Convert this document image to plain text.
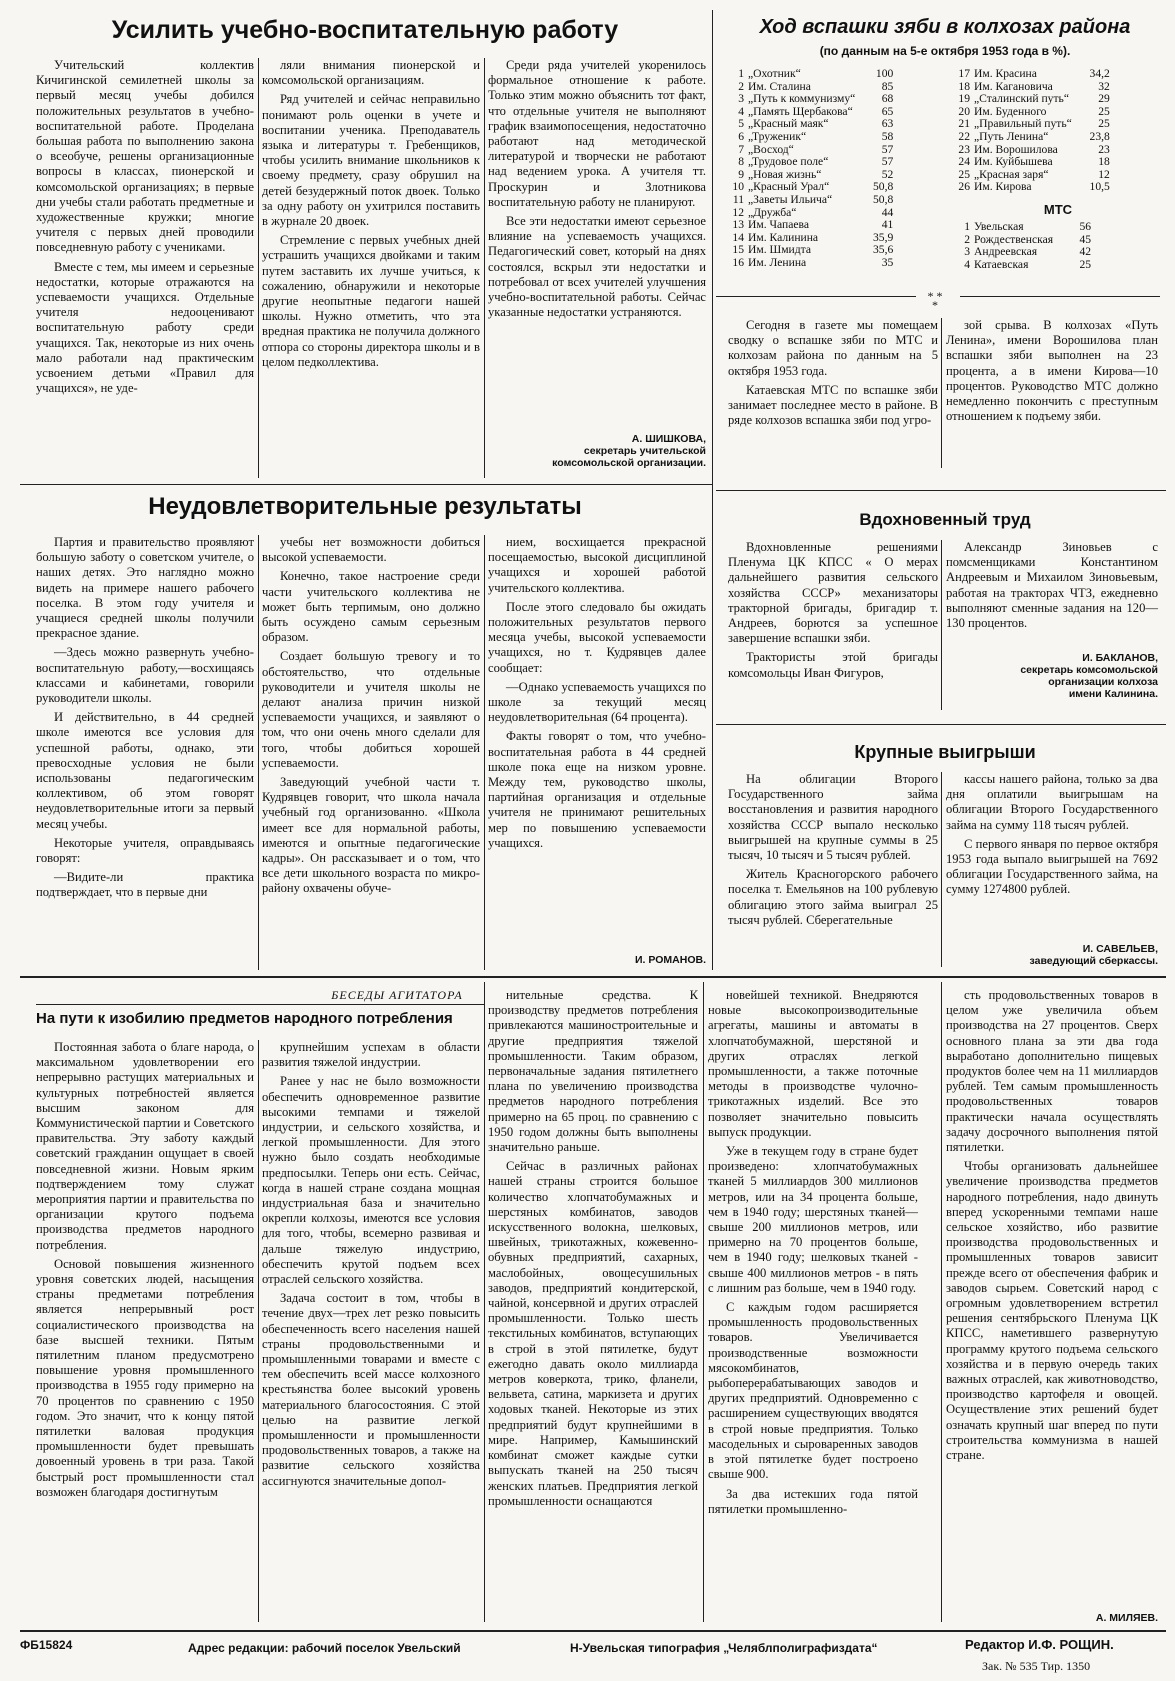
Усилить учебно-воспитательную работу

Учительский коллектив Кичигинской семилетней школы за первый месяц учебы добился положительных результатов в учебно-воспитательной работе. Проделана большая работа по выполнению закона о всеобуче, решены организационные вопросы в классах, пионерской и комсомольской организациях; в первые дни учебы стали работать предметные и художественные кружки; многие учителя с первых дней проводили повседневную работу с учениками.

Вместе с тем, мы имеем и серьезные недостатки, которые отражаются на успеваемости учащихся. Отдельные учителя недооценивают воспитательную работу среди учащихся. Так, некоторые из них очень мало работали над практическим усвоением детьми «Правил для учащихся», не уде-

ляли внимания пионерской и комсомольской организациям.

Ряд учителей и сейчас неправильно понимают роль оценки в учете и воспитании ученика. Преподаватель языка и литературы т. Гребенщиков, чтобы усилить внимание школьников к своему предмету, сразу обрушил на детей безудержный поток двоек. Только за одну работу он ухитрился поставить в журнале 20 двоек.

Стремление с первых учебных дней устрашить учащихся двойками и таким путем заставить их лучше учиться, к сожалению, обнаружили и некоторые другие неопытные педагоги нашей школы. Нужно отметить, что эта вредная практика не получила должного отпора со стороны директора школы и в целом педколлектива.

Среди ряда учителей укоренилось формальное отношение к работе. Только этим можно объяснить тот факт, что отдельные учителя не выполняют график взаимопосещения, недостаточно работают над методической литературой и творчески не работают над ведением урока. А учителя тт. Проскурин и Злотникова воспитательную работу не планируют.

Все эти недостатки имеют серьезное влияние на успеваемость учащихся. Педагогический совет, который на днях состоялся, вскрыл эти недостатки и потребовал от всех учителей улучшения учебно-воспитательной работы. Сейчас указанные недостатки устраняются.

А. ШИШКОВА,
секретарь учительской
комсомольской организации.
Ход вспашки зяби в колхозах района
(по данным на 5-е октября 1953 года в %).
1	„Охотник“	100
2	Им. Сталина	85
3	„Путь к коммунизму“	68
4	„Память Щербакова“	65
5	„Красный маяк“	63
6	„Труженик“	58
7	„Восход“	57
8	„Трудовое поле“	57
9	„Новая жизнь“	52
10	„Красный Урал“	50,8
11	„Заветы Ильича“	50,8
12	„Дружба“	44
13	Им. Чапаева	41
14	Им. Калинина	35,9
15	Им. Шмидта	35,6
16	Им. Ленина	35
17	Им. Красина	34,2
18	Им. Кагановича	32
19	„Сталинский путь“	29
20	Им. Буденного	25
21	„Правильный путь“	25
22	„Путь Ленина“	23,8
23	Им. Ворошилова	23
24	Им. Куйбышева	18
25	„Красная заря“	12
26	Им. Кирова	10,5
МТС
1	Увельская	56
2	Рождественская	45
3	Андреевская	42
4	Катаевская	25
* *
*

Сегодня в газете мы помещаем сводку о вспашке зяби по МТС и колхозам района по данным на 5 октября 1953 года.

Катаевская МТС по вспашке зяби занимает последнее место в районе. В ряде колхозов вспашка зяби под угро-

зой срыва. В колхозах «Путь Ленина», имени Ворошилова план вспашки зяби выполнен на 23 процента, а в имени Кирова—10 процентов. Руководство МТС должно немедленно покончить с преступным отношением к подъему зяби.

Неудовлетворительные результаты

Партия и правительство проявляют большую заботу о советском учителе, о наших детях. Это наглядно можно видеть на примере нашего рабочего поселка. В этом году учителя и учащиеся средней школы получили прекрасное здание.

—Здесь можно развернуть учебно-воспитательную работу,—восхищаясь классами и кабинетами, говорили руководители школы.

И действительно, в 44 средней школе имеются все условия для успешной работы, однако, эти превосходные условия не были использованы педагогическим коллективом, об этом говорят неудовлетворительные итоги за первый месяц учебы.

Некоторые учителя, оправдываясь говорят:

—Видите-ли практика подтверждает, что в первые дни

учебы нет возможности добиться высокой успеваемости.

Конечно, такое настроение среди части учительского коллектива не может быть терпимым, оно должно быть осуждено самым серьезным образом.

Создает большую тревогу и то обстоятельство, что отдельные руководители и учителя школы не делают анализа причин низкой успеваемости учащихся, и заявляют о том, что они очень много сделали для того, чтобы добиться хорошей успеваемости.

Заведующий учебной части т. Кудрявцев говорит, что школа начала учебный год организованно. «Школа имеет все для нормальной работы, имеются и опытные педагогические кадры». Он рассказывает и о том, что все дети школьного возраста по микро-району охвачены обуче-

нием, восхищается прекрасной посещаемостью, высокой дисциплиной учащихся и хорошей работой учительского коллектива.

После этого следовало бы ожидать положительных результатов первого месяца учебы, высокой успеваемости учащихся, но т. Кудрявцев далее сообщает:

—Однако успеваемость учащихся по школе за текущий месяц неудовлетворительная (64 процента).

Факты говорят о том, что учебно-воспитательная работа в 44 средней школе пока еще на низком уровне. Между тем, руководство школы, партийная организация и отдельные учителя не принимают решительных мер по повышению успеваемости учащихся.

И. РОМАНОВ.
Вдохновенный труд

Вдохновленные решениями Пленума ЦК КПСС « О мерах дальнейшего развития сельского хозяйства СССР» механизаторы тракторной бригады, бригадир т. Андреев, борются за успешное завершение вспашки зяби.

Трактористы этой бригады комсомольцы Иван Фигуров,

Александр Зиновьев с помсменщиками Константином Андреевым и Михаилом Зиновьевым, работая на тракторах ЧТЗ, ежедневно выполняют сменные задания на 120—130 процентов.

И. БАКЛАНОВ,
секретарь комсомольской
организации колхоза
имени Калинина.
Крупные выигрыши

На облигации Второго Государственного займа восстановления и развития народного хозяйства СССР выпало несколько выигрышей на крупные суммы в 25 тысяч, 10 тысяч и 5 тысяч рублей.

Житель Красногорского рабочего поселка т. Емельянов на 100 рублевую облигацию этого займа выиграл 25 тысяч рублей. Сберегательные

кассы нашего района, только за два дня оплатили выигрышам на облигации Второго Государственного займа на сумму 118 тысяч рублей.

С первого января по первое октября 1953 года выпало выигрышей на 7692 облигации Государственного займа, на сумму 1274800 рублей.

И. САВЕЛЬЕВ,
заведующий сберкассы.
БЕСЕДЫ АГИТАТОРА
На пути к изобилию предметов народного потребления

Постоянная забота о благе народа, о максимальном удовлетворении его непрерывно растущих материальных и культурных потребностей является высшим законом для Коммунистической партии и Советского правительства. Эту заботу каждый советский гражданин ощущает в своей повседневной жизни. Новым ярким подтверждением тому служат мероприятия партии и правительства по организации крутого подъема производства предметов народного потребления.

Основой повышения жизненного уровня советских людей, насыщения страны предметами потребления является непрерывный рост социалистического производства на базе высшей техники. Пятым пятилетним планом предусмотрено повышение уровня промышленного производства в 1955 году примерно на 70 процентов по сравнению с 1950 годом. Это значит, что к концу пятой пятилетки валовая продукция промышленности будет превышать довоенный уровень в три раза. Такой быстрый рост промышленности стал возможен благодаря достигнутым

крупнейшим успехам в области развития тяжелой индустрии.

Ранее у нас не было возможности обеспечить одновременное развитие высокими темпами и тяжелой индустрии, и сельского хозяйства, и легкой промышленности. Для этого нужно было создать необходимые предпосылки. Теперь они есть. Сейчас, когда в нашей стране создана мощная индустриальная база и значительно окрепли колхозы, имеются все условия для того, чтобы, всемерно развивая и дальше тяжелую индустрию, обеспечить крутой подъем всех отраслей сельского хозяйства.

Задача состоит в том, чтобы в течение двух—трех лет резко повысить обеспеченность всего населения нашей страны продовольственными и промышленными товарами и вместе с тем обеспечить всей массе колхозного крестьянства более высокий уровень материального благосостояния. С этой целью на развитие легкой промышленности и промышленности продовольственных товаров, а также на развитие сельского хозяйства ассигнуются значительные допол-

нительные средства. К производству предметов потребления привлекаются машиностроительные и другие предприятия тяжелой промышленности. Таким образом, первоначальные задания пятилетнего плана по увеличению производства предметов народного потребления примерно на 65 проц. по сравнению с 1950 годом должны быть выполнены значительно раньше.

Сейчас в различных районах нашей страны строится большое количество хлопчатобумажных и шерстяных комбинатов, заводов искусственного волокна, шелковых, швейных, трикотажных, кожевенно-обувных предприятий, сахарных, маслобойных, овощесушильных заводов, предприятий кондитерской, чайной, консервной и других отраслей промышленности. Только шесть текстильных комбинатов, вступающих в строй в этой пятилетке, будут ежегодно давать около миллиарда метров коверкота, трико, фланели, вельвета, сатина, маркизета и других ходовых тканей. Некоторые из этих предприятий будут крупнейшими в мире. Например, Камышинский комбинат сможет каждые сутки выпускать тканей на 250 тысяч женских платьев. Предприятия легкой промышленности оснащаются

новейшей техникой. Внедряются новые высокопроизводительные агрегаты, машины и автоматы в хлопчатобумажной, шерстяной и других отраслях легкой промышленности, а также поточные методы в производстве чулочно-трикотажных изделий. Все это позволяет значительно повысить выпуск продукции.

Уже в текущем году в стране будет произведено: хлопчатобумажных тканей 5 миллиардов 300 миллионов метров, или на 34 процента больше, чем в 1940 году; шерстяных тканей—свыше 200 миллионов метров, или примерно на 70 процентов больше, чем в 1940 году; шелковых тканей - свыше 400 миллионов метров - в пять с лишним раз больше, чем в 1940 году.

С каждым годом расширяется промышленность продовольственных товаров. Увеличивается производственные возможности мясокомбинатов, рыбоперерабатывающих заводов и других предприятий. Одновременно с расширением существующих вводятся в строй новые предприятия. Только масодельных и сыроваренных заводов в этой пятилетке будет построено свыше 900.

За два истекших года пятой пятилетки промышленно-

сть продовольственных товаров в целом уже увеличила объем производства на 27 процентов. Сверх основного плана за эти два года выработано дополнительно пищевых продуктов более чем на 11 миллиардов рублей. Тем самым промышленность продовольственных товаров практически начала осуществлять задачу досрочного выполнения пятой пятилетки.

Чтобы организовать дальнейшее увеличение производства предметов народного потребления, надо двинуть вперед ускоренными темпами наше сельское хозяйство, ибо развитие производства продовольственных и промышленных товаров зависит прежде всего от обеспечения фабрик и заводов сырьем. Советский народ с огромным удовлетворением встретил решения сентябрьского Пленума ЦК КПСС, наметившего развернутую программу крутого подъема сельского хозяйства и в первую очередь таких важных отраслей, как животноводство, производство картофеля и овощей. Осуществление этих решений будет означать крупный шаг вперед по пути строительства коммунизма в нашей стране.

А. МИЛЯЕВ.
ФБ15824	Адрес редакции: рабочий поселок Увельский	Н-Увельская типография „Челяблполиграфиздата“	Редактор И.Ф. РОЩИН.
Зак. № 535 Тир. 1350
